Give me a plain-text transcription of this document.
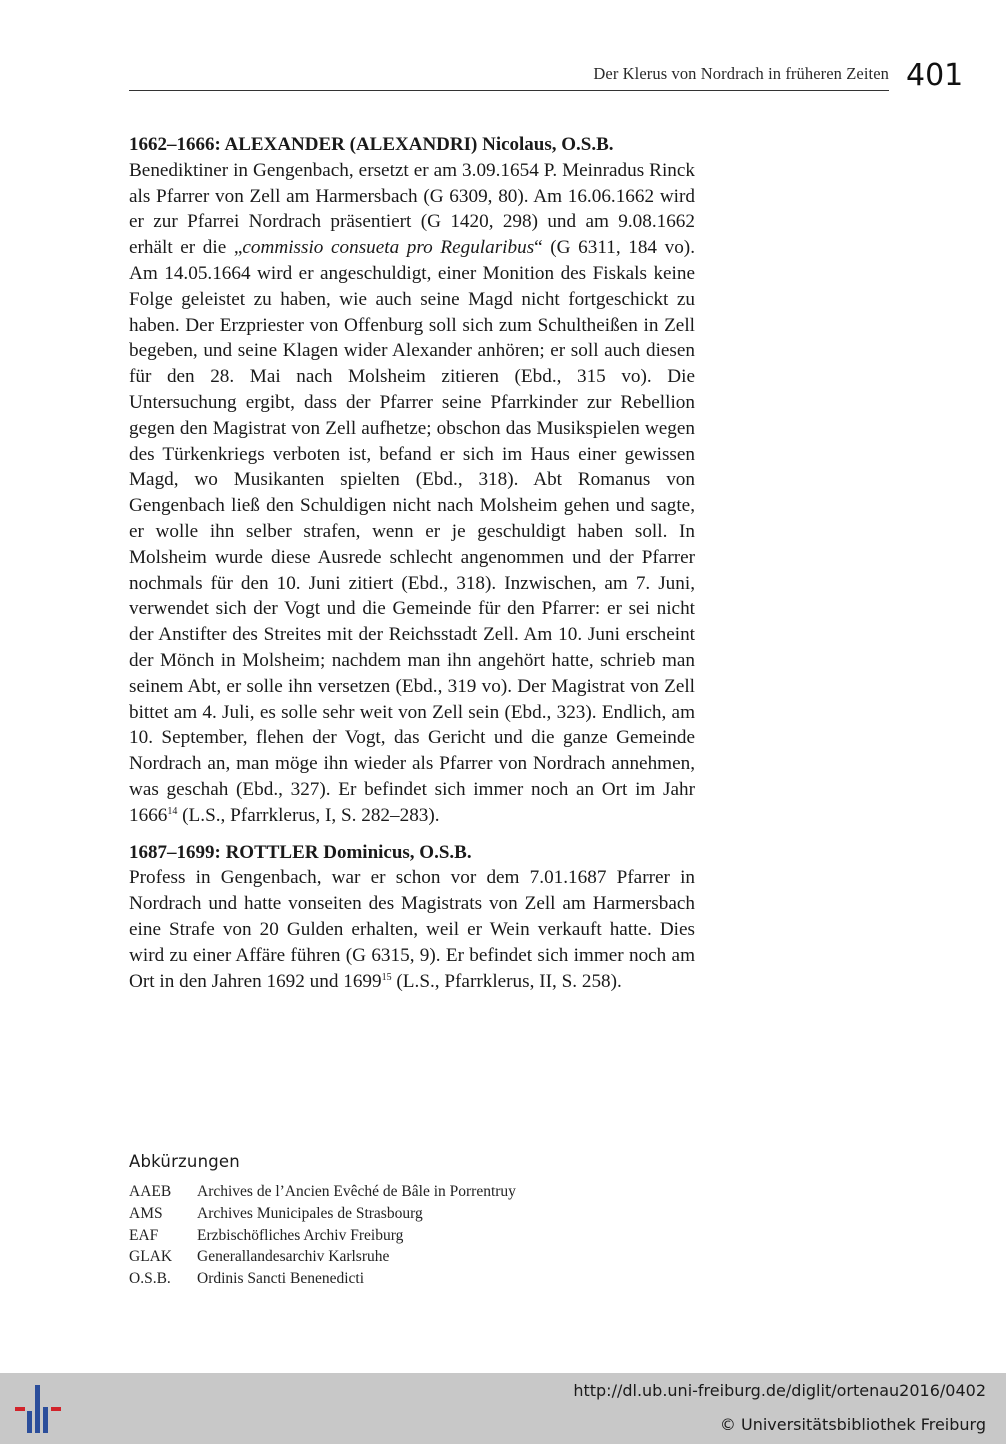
Der Klerus von Nordrach in früheren Zeiten 401
1662–1666: ALEXANDER (ALEXANDRI) Nicolaus, O.S.B.

Benediktiner in Gengenbach, ersetzt er am 3.09.1654 P. Meinradus Rinck als Pfarrer von Zell am Harmersbach (G 6309, 80). Am 16.06.1662 wird er zur Pfarrei Nordrach präsentiert (G 1420, 298) und am 9.08.1662 erhält er die „commissio consueta pro Regularibus“ (G 6311, 184 vo). Am 14.05.1664 wird er angeschuldigt, einer Monition des Fiskals keine Folge geleistet zu haben, wie auch seine Magd nicht fortgeschickt zu haben. Der Erzpriester von Offenburg soll sich zum Schultheißen in Zell begeben, und seine Klagen wider Alexander anhören; er soll auch diesen für den 28. Mai nach Molsheim zitieren (Ebd., 315 vo). Die Untersuchung ergibt, dass der Pfarrer seine Pfarrkinder zur Rebellion gegen den Magistrat von Zell aufhetze; obschon das Musikspielen wegen des Türkenkriegs verboten ist, befand er sich im Haus einer gewissen Magd, wo Musikanten spielten (Ebd., 318). Abt Romanus von Gengenbach ließ den Schuldigen nicht nach Molsheim gehen und sagte, er wolle ihn selber strafen, wenn er je geschuldigt haben soll. In Molsheim wurde diese Ausrede schlecht angenommen und der Pfarrer nochmals für den 10. Juni zitiert (Ebd., 318). Inzwischen, am 7. Juni, verwendet sich der Vogt und die Gemeinde für den Pfarrer: er sei nicht der Anstifter des Streites mit der Reichsstadt Zell. Am 10. Juni erscheint der Mönch in Molsheim; nachdem man ihn angehört hatte, schrieb man seinem Abt, er solle ihn versetzen (Ebd., 319 vo). Der Magistrat von Zell bittet am 4. Juli, es solle sehr weit von Zell sein (Ebd., 323). Endlich, am 10. September, flehen der Vogt, das Gericht und die ganze Gemeinde Nordrach an, man möge ihn wieder als Pfarrer von Nordrach annehmen, was geschah (Ebd., 327). Er befindet sich immer noch an Ort im Jahr 1666$^{14}$ (L.S., Pfarrklerus, I, S. 282–283).

1687–1699: ROTTLER Dominicus, O.S.B.

Profess in Gengenbach, war er schon vor dem 7.01.1687 Pfarrer in Nordrach und hatte vonseiten des Magistrats von Zell am Harmersbach eine Strafe von 20 Gulden erhalten, weil er Wein verkauft hatte. Dies wird zu einer Affäre führen (G 6315, 9). Er befindet sich immer noch am Ort in den Jahren 1692 und 1699$^{15}$ (L.S., Pfarrklerus, II, S. 258).

Abkürzungen
AAEB	Archives de l’Ancien Evêché de Bâle in Porrentruy
AMS	Archives Municipales de Strasbourg
EAF	Erzbischöfliches Archiv Freiburg
GLAK	Generallandesarchiv Karlsruhe
O.S.B.	Ordinis Sancti Benenedicti
http://dl.ub.uni-freiburg.de/diglit/ortenau2016/0402
© Universitätsbibliothek Freiburg
